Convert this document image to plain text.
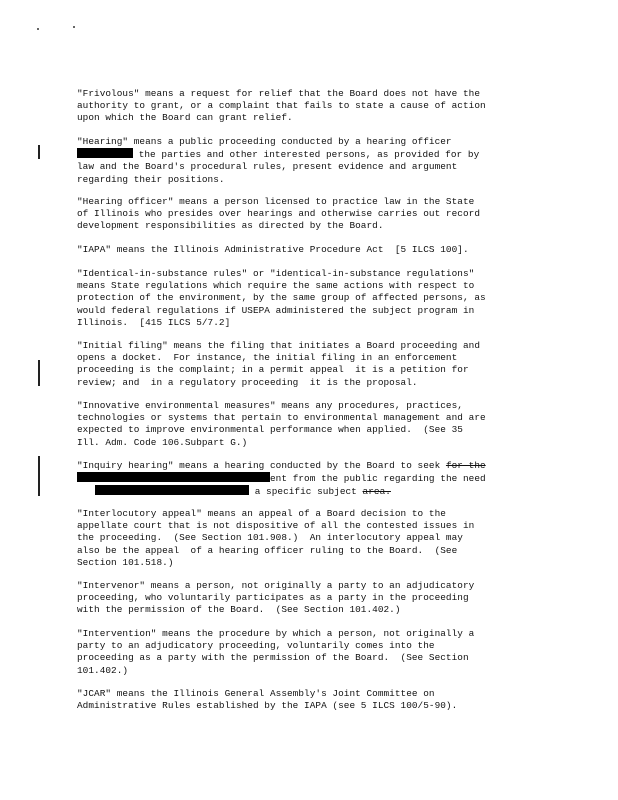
"Frivolous" means a request for relief that the Board does not have the
authority to grant, or a complaint that fails to state a cause of action
upon which the Board can grant relief.
"Hearing" means a public proceeding conducted by a hearing officer
the parties and other interested persons, as provided for by
law and the Board's procedural rules, present evidence and argument
regarding their positions.
"Hearing officer" means a person licensed to practice law in the State
of Illinois who presides over hearings and otherwise carries out record
development responsibilities as directed by the Board.
"IAPA" means the Illinois Administrative Procedure Act  [5 ILCS 100].
"Identical-in-substance rules" or "identical-in-substance regulations"
means State regulations which require the same actions with respect to
protection of the environment, by the same group of affected persons, as
would federal regulations if USEPA administered the subject program in
Illinois.  [415 ILCS 5/7.2]
"Initial filing" means the filing that initiates a Board proceeding and
opens a docket.  For instance, the initial filing in an enforcement
proceeding is the complaint; in a permit appeal  it is a petition for
review; and  in a regulatory proceeding  it is the proposal.
"Innovative environmental measures" means any procedures, practices,
technologies or systems that pertain to environmental management and are
expected to improve environmental performance when applied.  (See 35
Ill. Adm. Code 106.Subpart G.)
"Inquiry hearing" means a hearing conducted by the Board to seek for the
ent from the public regarding the need
a specific subject area.
"Interlocutory appeal" means an appeal of a Board decision to the
appellate court that is not dispositive of all the contested issues in
the proceeding.  (See Section 101.908.)  An interlocutory appeal may
also be the appeal  of a hearing officer ruling to the Board.  (See
Section 101.518.)
"Intervenor" means a person, not originally a party to an adjudicatory
proceeding, who voluntarily participates as a party in the proceeding
with the permission of the Board.  (See Section 101.402.)
"Intervention" means the procedure by which a person, not originally a
party to an adjudicatory proceeding, voluntarily comes into the
proceeding as a party with the permission of the Board.  (See Section
101.402.)
"JCAR" means the Illinois General Assembly's Joint Committee on
Administrative Rules established by the IAPA (see 5 ILCS 100/5-90).
